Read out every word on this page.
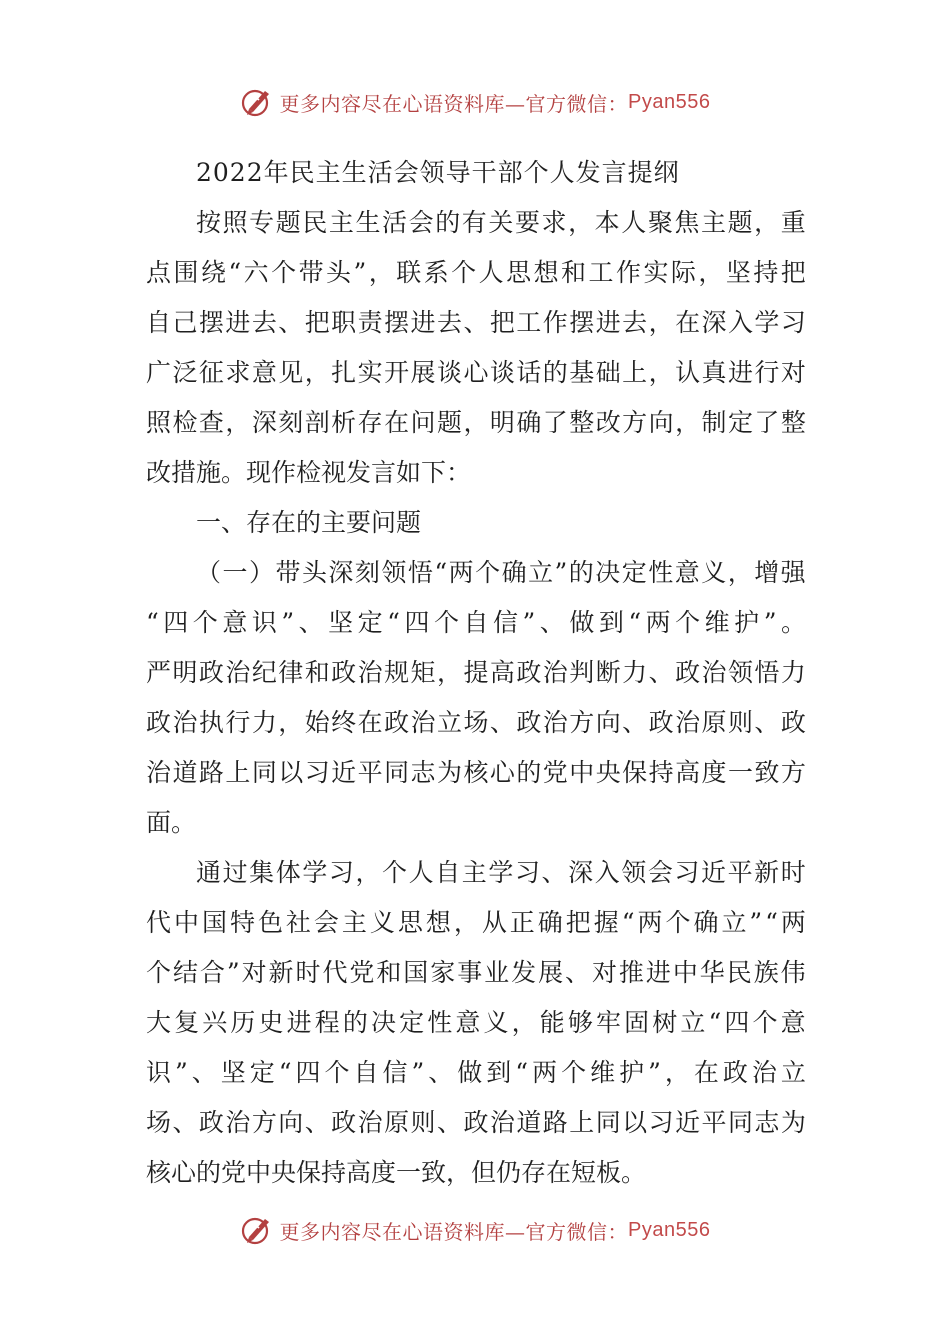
更多内容尽在心语资料库—官方微信： Pyan556
2022年民主生活会领导干部个人发言提纲
按 照 专 题 民 主 生 活 会 的 有 关 要 求 ， 本 人 聚 焦 主 题 ， 重
点 围 绕 “ 六 个 带 头 ” ， 联 系 个 人 思 想 和 工 作 实 际 ， 坚 持 把
自 己 摆 进 去 、 把 职 责 摆 进 去 、 把 工 作 摆 进 去 ， 在 深 入 学 习
广 泛 征 求 意 见 ， 扎 实 开 展 谈 心 谈 话 的 基 础 上 ， 认 真 进 行 对
照 检 查 ， 深 刻 剖 析 存 在 问 题 ， 明 确 了 整 改 方 向 ， 制 定 了 整
改措施。现作检视发言如下：
一、存在的主要问题
（ 一 ） 带 头 深 刻 领 悟 “ 两 个 确 立 ” 的 决 定 性 意 义 ， 增 强
“ 四 个 意 识 ” 、 坚 定 “ 四 个 自 信 ” 、 做 到 “ 两 个 维 护 ” 。
严 明 政 治 纪 律 和 政 治 规 矩 ， 提 高 政 治 判 断 力 、 政 治 领 悟 力
政 治 执 行 力 ， 始 终 在 政 治 立 场 、 政 治 方 向 、 政 治 原 则 、 政
治 道 路 上 同 以 习 近 平 同 志 为 核 心 的 党 中 央 保 持 高 度 一 致 方
面。
通 过 集 体 学 习 ， 个 人 自 主 学 习 、 深 入 领 会 习 近 平 新 时
代 中 国 特 色 社 会 主 义 思 想 ， 从 正 确 把 握 “ 两 个 确 立 ” “ 两
个 结 合 ” 对 新 时 代 党 和 国 家 事 业 发 展 、 对 推 进 中 华 民 族 伟
大 复 兴 历 史 进 程 的 决 定 性 意 义 ， 能 够 牢 固 树 立 “ 四 个 意
识 ” 、 坚 定 “ 四 个 自 信 ” 、 做 到 “ 两 个 维 护 ” ， 在 政 治 立
场 、 政 治 方 向 、 政 治 原 则 、 政 治 道 路 上 同 以 习 近 平 同 志 为
核心的党中央保持高度一致，但仍存在短板。
更多内容尽在心语资料库—官方微信： Pyan556
